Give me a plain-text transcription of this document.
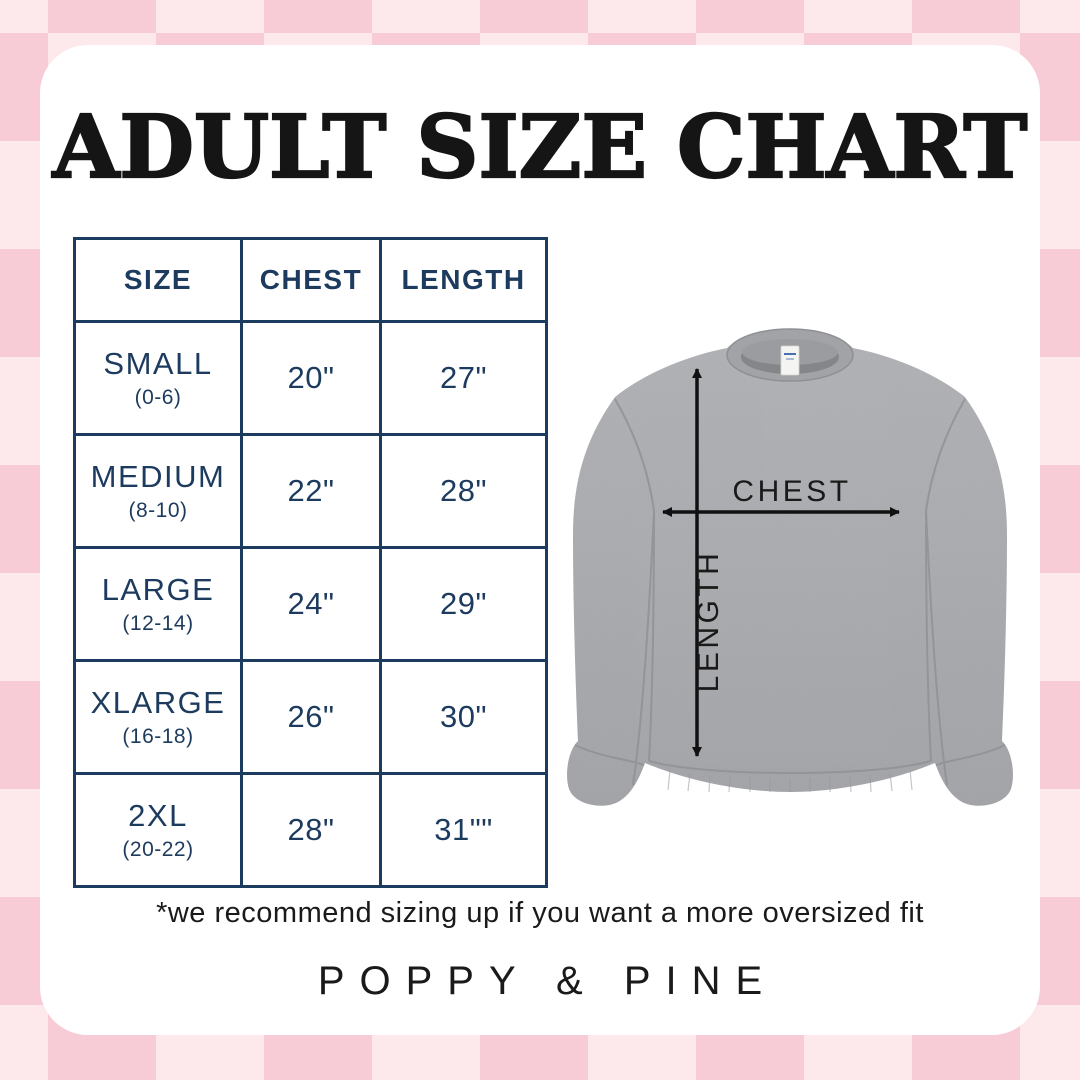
ADULT SIZE CHART
SIZE	CHEST	LENGTH

SMALL
(0-6)	20"	27"

MEDIUM
(8-10)	22"	28"

LARGE
(12-14)	24"	29"

XLARGE
(16-18)	26"	30"

2XL
(20-22)	28"	31""
CHEST
LENGTH
*we recommend sizing up if you want a more oversized fit
POPPY & PINE
